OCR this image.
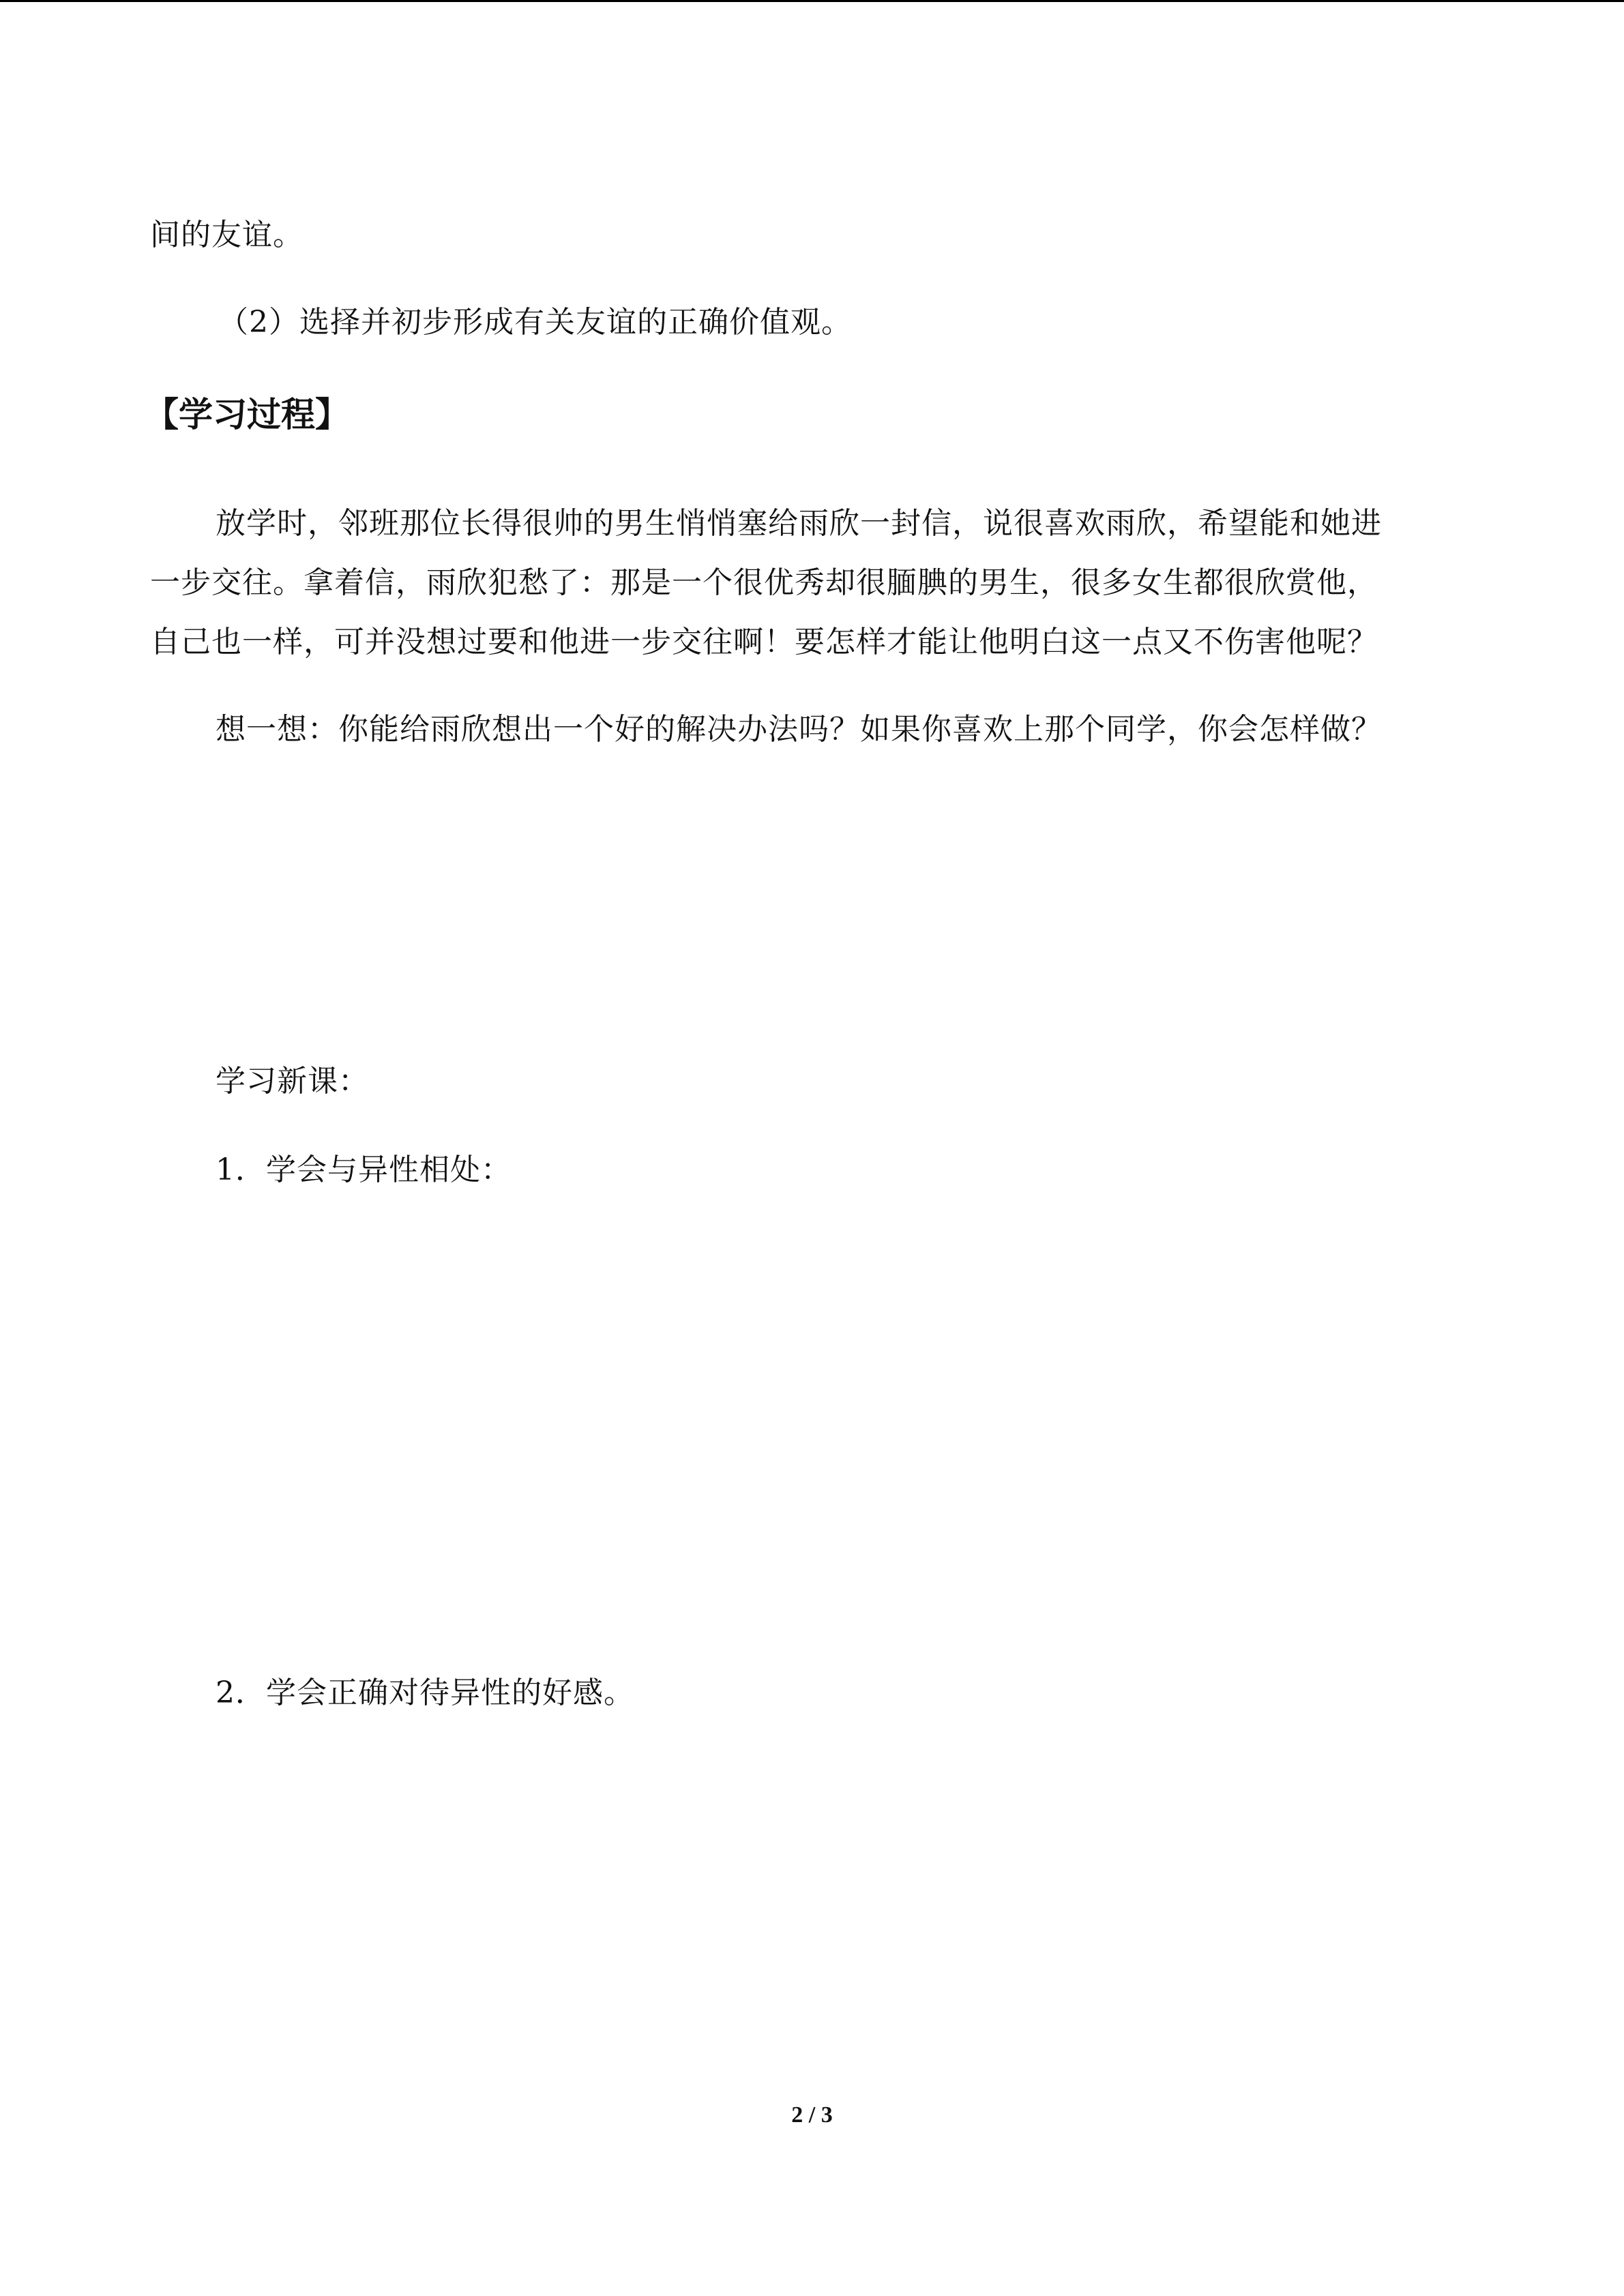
间的友谊。
（2）选择并初步形成有关友谊的正确价值观。
【学习过程】
放学时，邻班那位长得很帅的男生悄悄塞给雨欣一封信，说很喜欢雨欣，希望能和她进
一步交往。拿着信，雨欣犯愁了：那是一个很优秀却很腼腆的男生，很多女生都很欣赏他，
自己也一样，可并没想过要和他进一步交往啊！要怎样才能让他明白这一点又不伤害他呢？
想一想：你能给雨欣想出一个好的解决办法吗？如果你喜欢上那个同学，你会怎样做？
学习新课：
1．学会与异性相处：
2．学会正确对待异性的好感。
2 / 3
